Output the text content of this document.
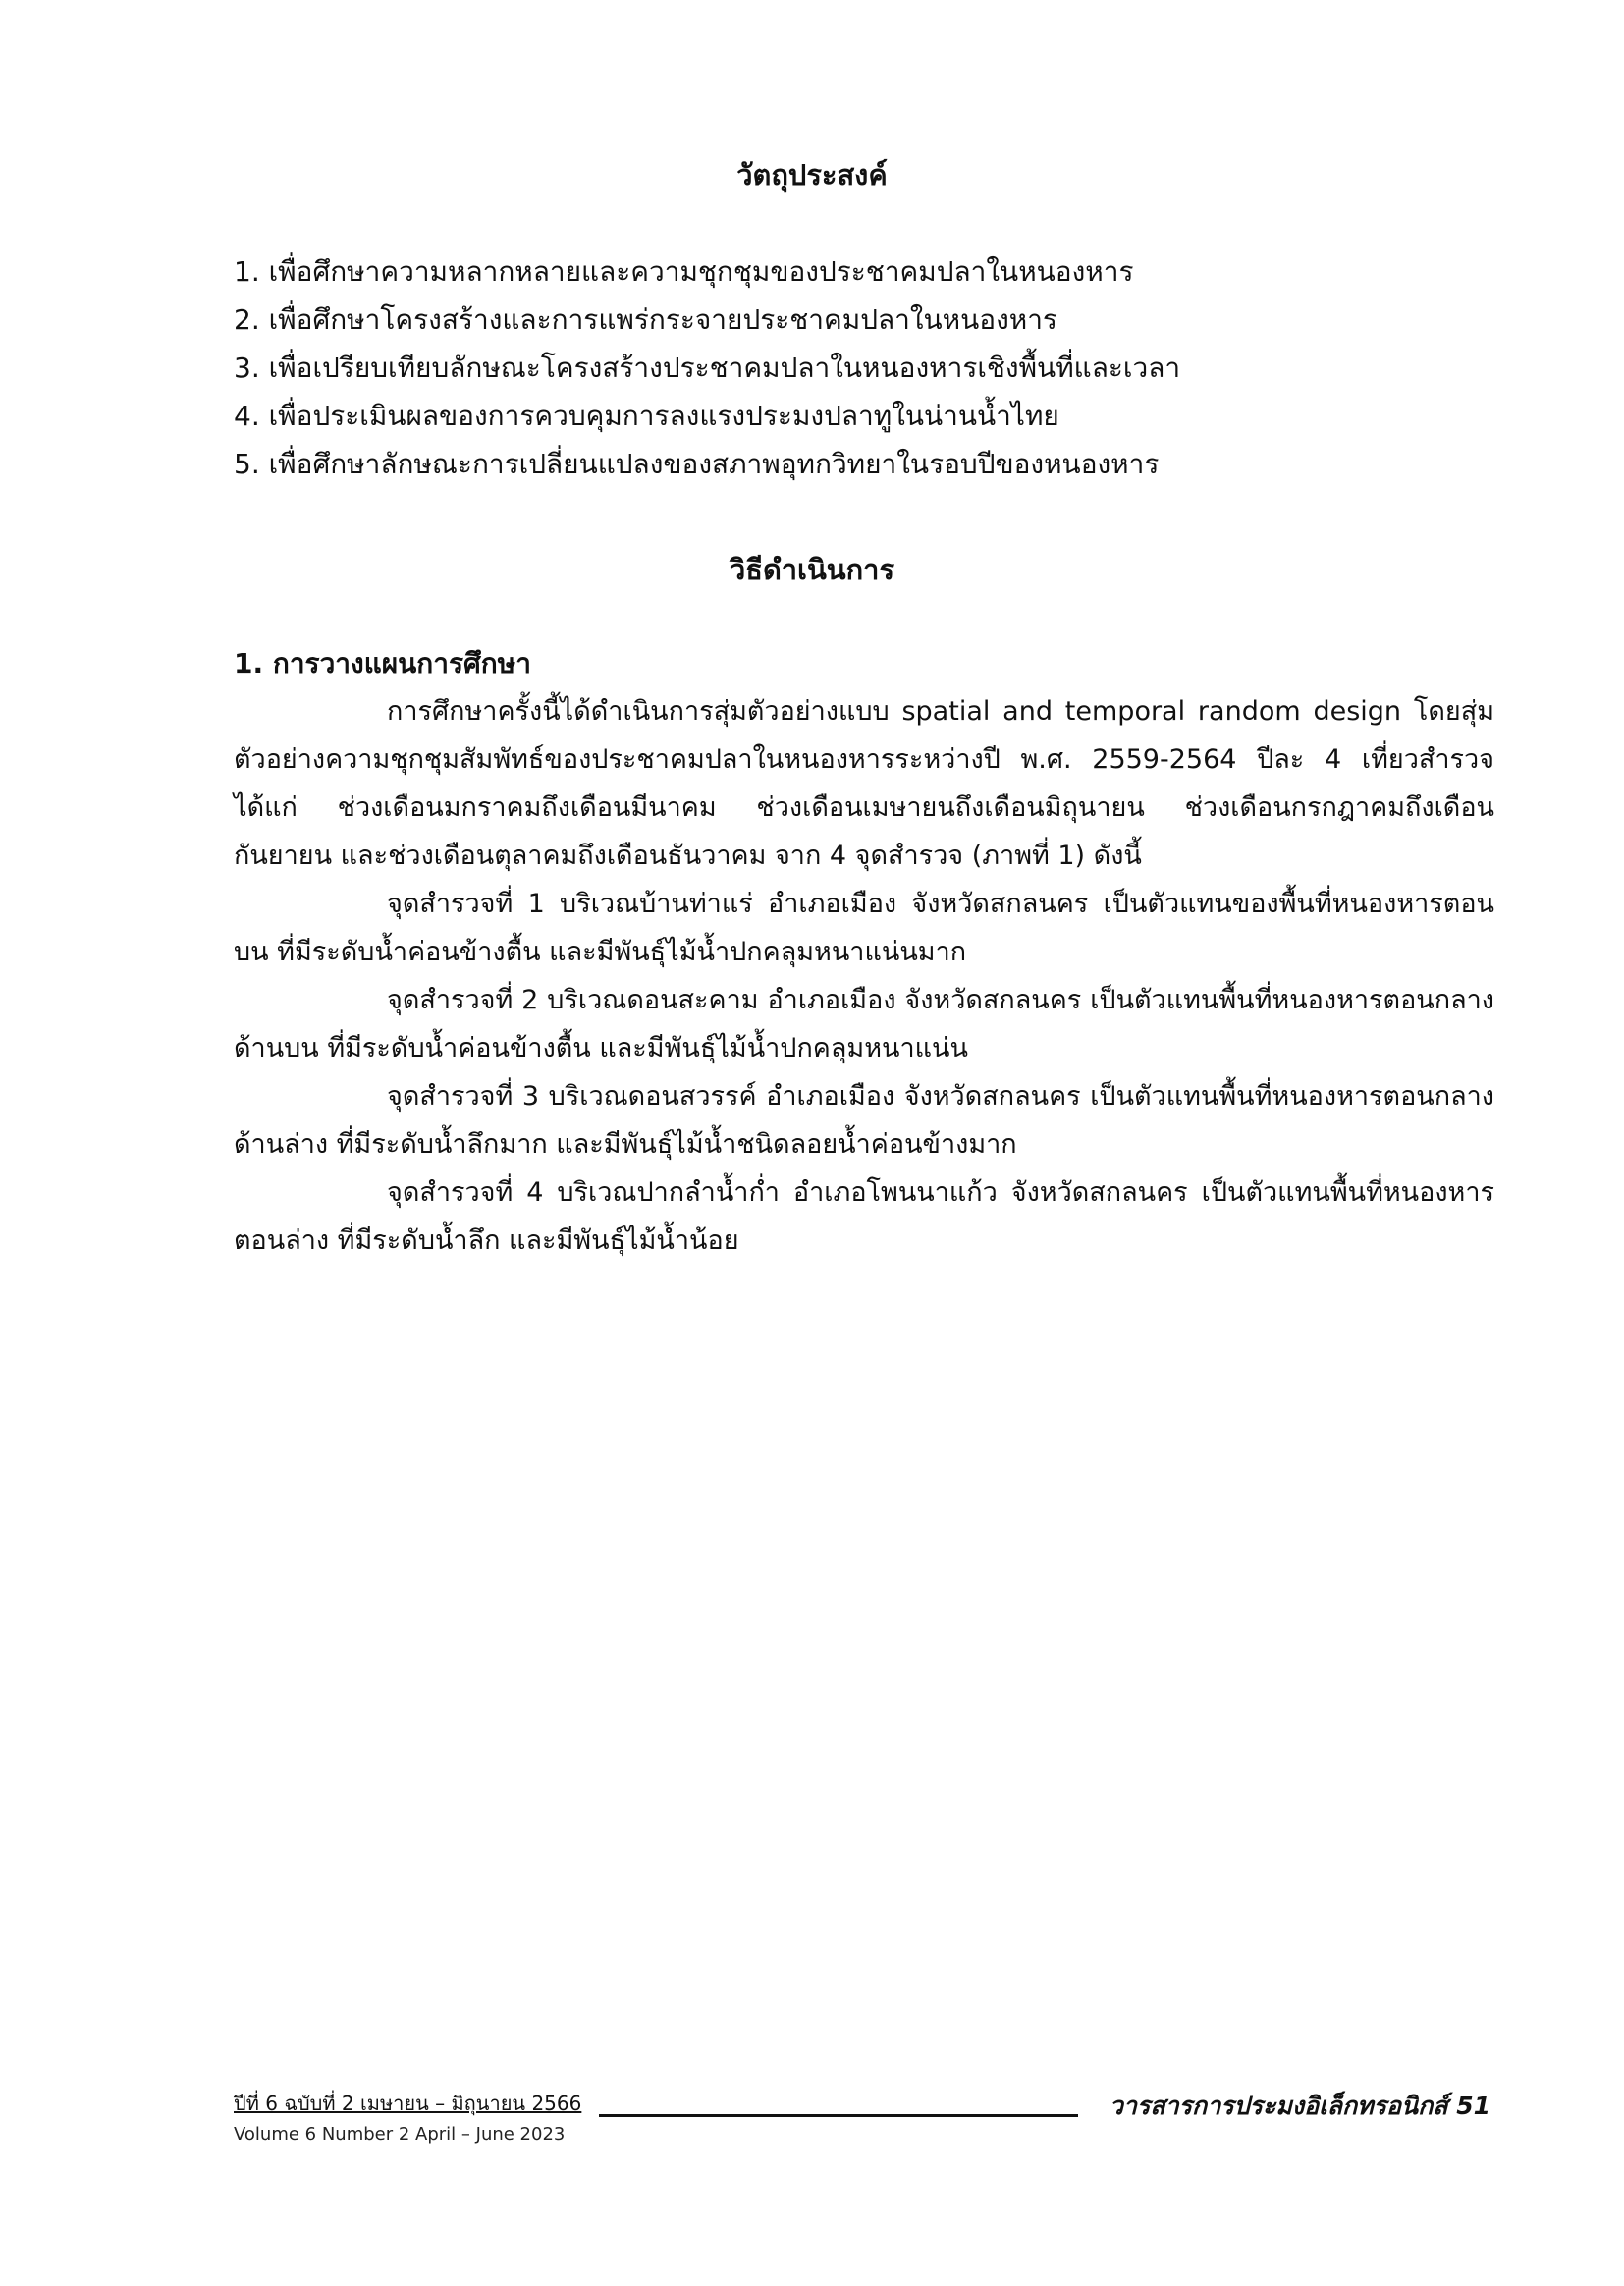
วัตถุประสงค์
1. เพื่อศึกษาความหลากหลายและความชุกชุมของประชาคมปลาในหนองหาร
2. เพื่อศึกษาโครงสร้างและการแพร่กระจายประชาคมปลาในหนองหาร
3. เพื่อเปรียบเทียบลักษณะโครงสร้างประชาคมปลาในหนองหารเชิงพื้นที่และเวลา
4. เพื่อประเมินผลของการควบคุมการลงแรงประมงปลาทูในน่านน้ำไทย
5. เพื่อศึกษาลักษณะการเปลี่ยนแปลงของสภาพอุทกวิทยาในรอบปีของหนองหาร
วิธีดำเนินการ
1. การวางแผนการศึกษา

การศึกษาครั้งนี้ได้ดำเนินการสุ่มตัวอย่างแบบ spatial and temporal random design โดยสุ่มตัวอย่างความชุกชุมสัมพัทธ์ของประชาคมปลาในหนองหารระหว่างปี พ.ศ. 2559-2564 ปีละ 4 เที่ยวสำรวจ ได้แก่ ช่วงเดือนมกราคมถึงเดือนมีนาคม ช่วงเดือนเมษายนถึงเดือนมิถุนายน ช่วงเดือนกรกฎาคมถึงเดือนกันยายน และช่วงเดือนตุลาคมถึงเดือนธันวาคม จาก 4 จุดสำรวจ (ภาพที่ 1) ดังนี้

จุดสำรวจที่ 1 บริเวณบ้านท่าแร่ อำเภอเมือง จังหวัดสกลนคร เป็นตัวแทนของพื้นที่หนองหารตอนบน ที่มีระดับน้ำค่อนข้างตื้น และมีพันธุ์ไม้น้ำปกคลุมหนาแน่นมาก

จุดสำรวจที่ 2 บริเวณดอนสะคาม อำเภอเมือง จังหวัดสกลนคร เป็นตัวแทนพื้นที่หนองหารตอนกลางด้านบน ที่มีระดับน้ำค่อนข้างตื้น และมีพันธุ์ไม้น้ำปกคลุมหนาแน่น

จุดสำรวจที่ 3 บริเวณดอนสวรรค์ อำเภอเมือง จังหวัดสกลนคร เป็นตัวแทนพื้นที่หนองหารตอนกลางด้านล่าง ที่มีระดับน้ำลึกมาก และมีพันธุ์ไม้น้ำชนิดลอยน้ำค่อนข้างมาก

จุดสำรวจที่ 4 บริเวณปากลำน้ำก่ำ อำเภอโพนนาแก้ว จังหวัดสกลนคร เป็นตัวแทนพื้นที่หนองหารตอนล่าง ที่มีระดับน้ำลึก และมีพันธุ์ไม้น้ำน้อย

ปีที่ 6 ฉบับที่ 2 เมษายน – มิถุนายน 2566
Volume 6 Number 2 April – June 2023
วารสารการประมงอิเล็กทรอนิกส์ 51
